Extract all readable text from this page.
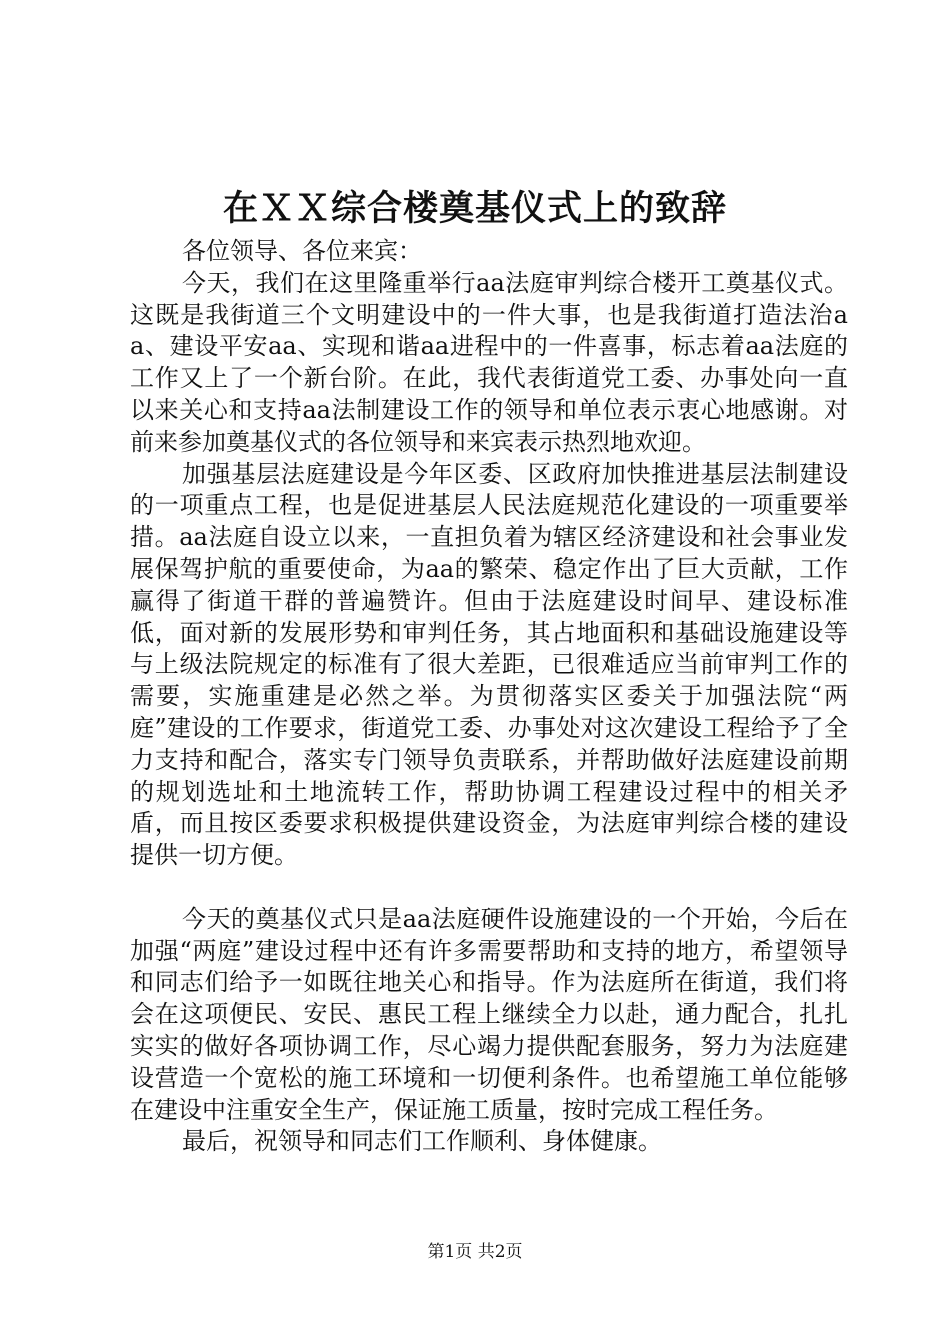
在ＸＸ综合楼奠基仪式上的致辞

各位领导、各位来宾：

今天，我们在这里隆重举行aa法庭审判综合楼开工奠基仪式。这既是我街道三个文明建设中的一件大事，也是我街道打造法治aa、建设平安aa、实现和谐aa进程中的一件喜事，标志着aa法庭的工作又上了一个新台阶。在此，我代表街道党工委、办事处向一直以来关心和支持aa法制建设工作的领导和单位表示衷心地感谢。对前来参加奠基仪式的各位领导和来宾表示热烈地欢迎。

加强基层法庭建设是今年区委、区政府加快推进基层法制建设的一项重点工程，也是促进基层人民法庭规范化建设的一项重要举措。aa法庭自设立以来，一直担负着为辖区经济建设和社会事业发展保驾护航的重要使命，为aa的繁荣、稳定作出了巨大贡献，工作赢得了街道干群的普遍赞许。但由于法庭建设时间早、建设标准低，面对新的发展形势和审判任务，其占地面积和基础设施建设等与上级法院规定的标准有了很大差距，已很难适应当前审判工作的需要，实施重建是必然之举。为贯彻落实区委关于加强法院“两庭”建设的工作要求，街道党工委、办事处对这次建设工程给予了全力支持和配合，落实专门领导负责联系，并帮助做好法庭建设前期的规划选址和土地流转工作，帮助协调工程建设过程中的相关矛盾，而且按区委要求积极提供建设资金，为法庭审判综合楼的建设提供一切方便。

今天的奠基仪式只是aa法庭硬件设施建设的一个开始，今后在加强“两庭”建设过程中还有许多需要帮助和支持的地方，希望领导和同志们给予一如既往地关心和指导。作为法庭所在街道，我们将会在这项便民、安民、惠民工程上继续全力以赴，通力配合，扎扎实实的做好各项协调工作，尽心竭力提供配套服务，努力为法庭建设营造一个宽松的施工环境和一切便利条件。也希望施工单位能够在建设中注重安全生产，保证施工质量，按时完成工程任务。

最后，祝领导和同志们工作顺利、身体健康。

第1页 共2页
